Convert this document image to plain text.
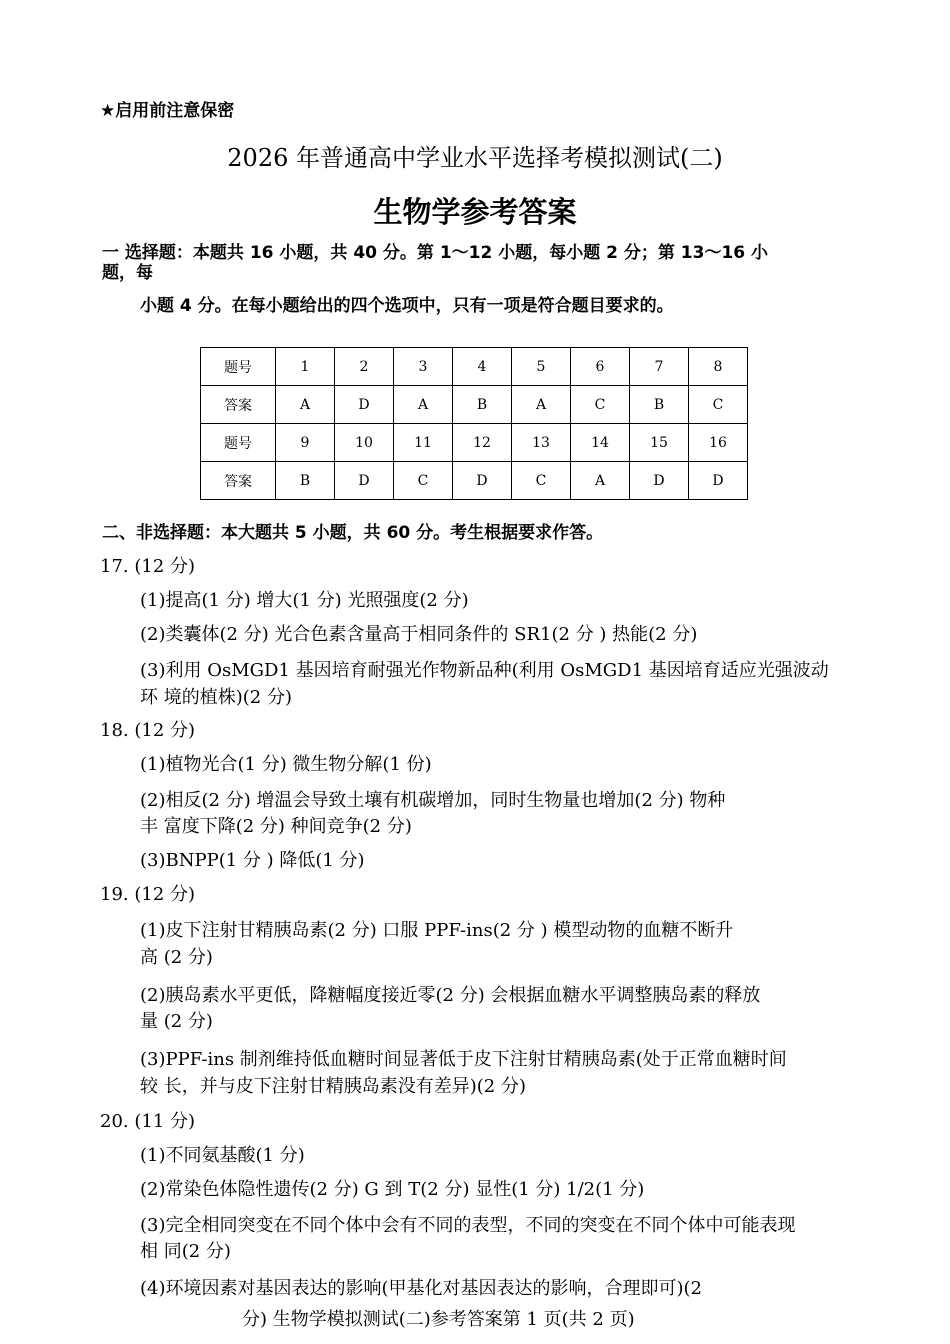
★启用前注意保密
2026 年普通高中学业水平选择考模拟测试(二)
生物学参考答案
一 选择题：本题共 16 小题，共 40 分。第 1～12 小题，每小题 2 分；第 13～16 小
题，每
小题 4 分。在每小题给出的四个选项中，只有一项是符合题目要求的。
题号	1	2	3	4	5	6	7	8
答案	A	D	A	B	A	C	B	C
题号	9	10	11	12	13	14	15	16
答案	B	D	C	D	C	A	D	D
二、非选择题：本大题共 5 小题，共 60 分。考生根据要求作答。
17. (12 分)
(1)提高(1 分) 增大(1 分) 光照强度(2 分)
(2)类囊体(2 分) 光合色素含量高于相同条件的 SR1(2 分 ) 热能(2 分)
(3)利用 OsMGD1 基因培育耐强光作物新品种(利用 OsMGD1 基因培育适应光强波动
环 境的植株)(2 分)
18. (12 分)
(1)植物光合(1 分) 微生物分解(1 份)
(2)相反(2 分) 增温会导致土壤有机碳增加，同时生物量也增加(2 分) 物种
丰 富度下降(2 分) 种间竞争(2 分)
(3)BNPP(1 分 ) 降低(1 分)
19. (12 分)
(1)皮下注射甘精胰岛素(2 分) 口服 PPF-ins(2 分 ) 模型动物的血糖不断升
高 (2 分)
(2)胰岛素水平更低，降糖幅度接近零(2 分) 会根据血糖水平调整胰岛素的释放
量 (2 分)
(3)PPF-ins 制剂维持低血糖时间显著低于皮下注射甘精胰岛素(处于正常血糖时间
较 长，并与皮下注射甘精胰岛素没有差异)(2 分)
20. (11 分)
(1)不同氨基酸(1 分)
(2)常染色体隐性遗传(2 分) G 到 T(2 分) 显性(1 分) 1/2(1 分)
(3)完全相同突变在不同个体中会有不同的表型，不同的突变在不同个体中可能表现
相 同(2 分)
(4)环境因素对基因表达的影响(甲基化对基因表达的影响，合理即可)(2
分) 生物学模拟测试(二)参考答案第 1 页(共 2 页)
